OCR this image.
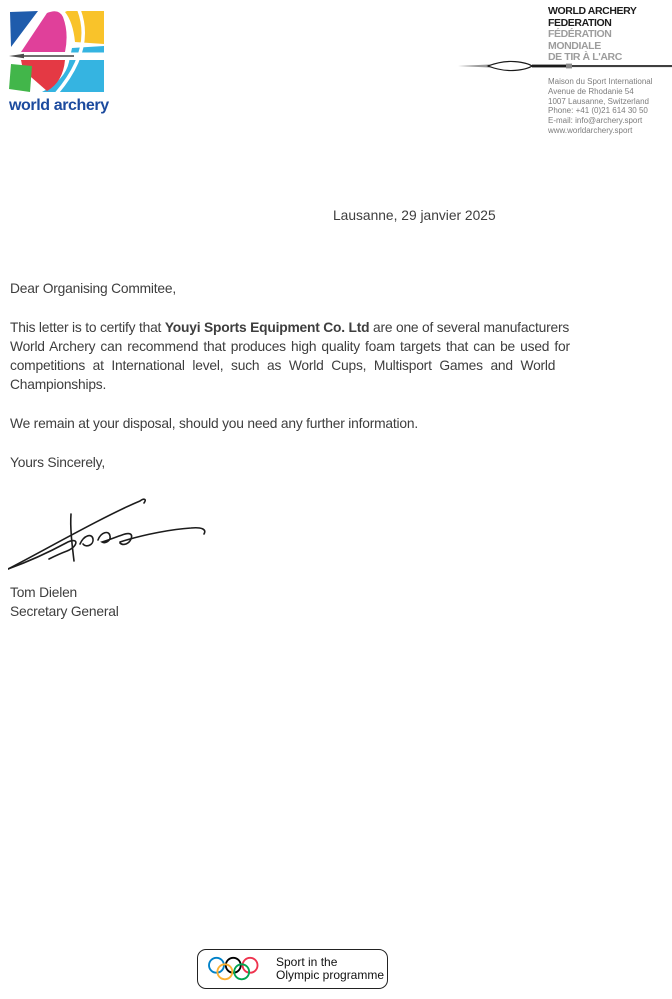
world archery
WORLD ARCHERY
FEDERATION
FÉDÉRATION
MONDIALE
DE TIR À L'ARC
Maison du Sport International
Avenue de Rhodanie 54
1007 Lausanne, Switzerland
Phone: +41 (0)21 614 30 50
E-mail: info@archery.sport
www.worldarchery.sport
Lausanne, 29 janvier 2025
Dear Organising Commitee,
This letter is to certify that Youyi Sports Equipment Co. Ltd are one of several manufacturers
World Archery can recommend that produces high quality foam targets that can be used for
competitions at International level, such as World Cups, Multisport Games and World
Championships.
We remain at your disposal, should you need any further information.
Yours Sincerely,
Tom Dielen
Secretary General
Sport in the
Olympic programme
